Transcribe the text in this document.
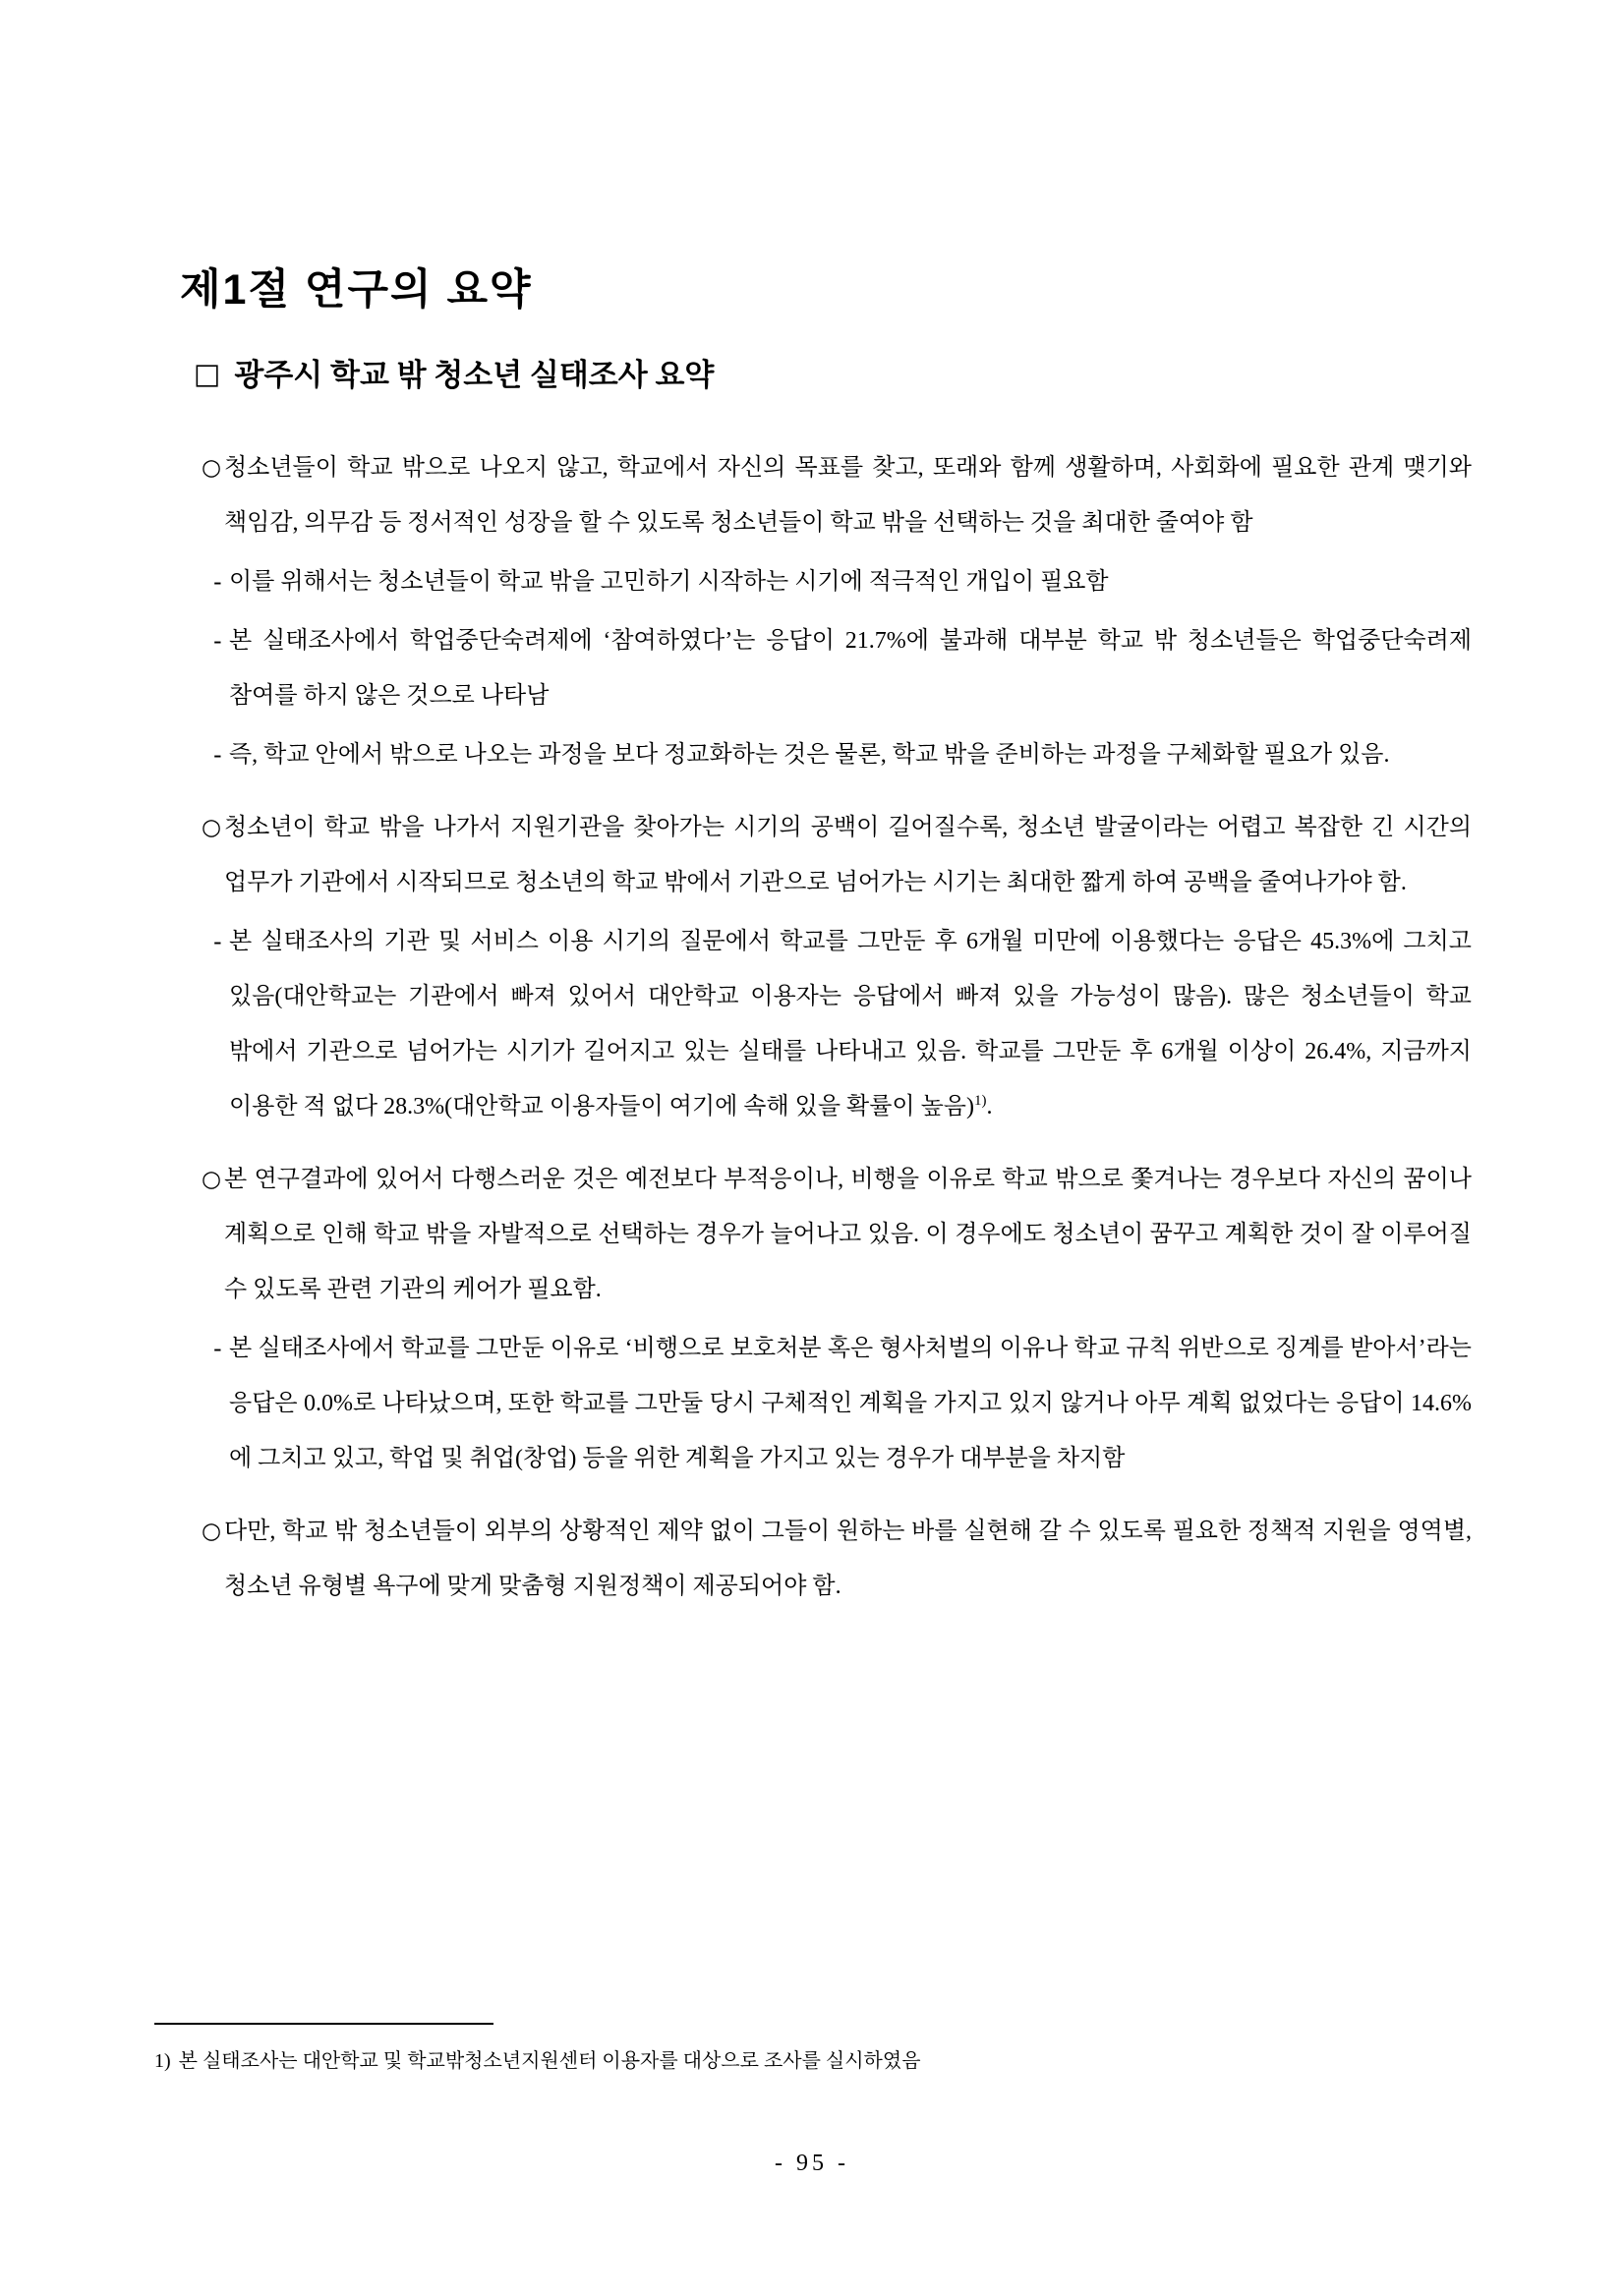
제1절 연구의 요약
□ 광주시 학교 밖 청소년 실태조사 요약
○ 청소년들이 학교 밖으로 나오지 않고, 학교에서 자신의 목표를 찾고, 또래와 함께 생활하며, 사회화에 필요한 관계 맺기와 책임감, 의무감 등 정서적인 성장을 할 수 있도록 청소년들이 학교 밖을 선택하는 것을 최대한 줄여야 함

- 이를 위해서는 청소년들이 학교 밖을 고민하기 시작하는 시기에 적극적인 개입이 필요함

- 본 실태조사에서 학업중단숙려제에 ‘참여하였다’는 응답이 21.7%에 불과해 대부분 학교 밖 청소년들은 학업중단숙려제 참여를 하지 않은 것으로 나타남

- 즉, 학교 안에서 밖으로 나오는 과정을 보다 정교화하는 것은 물론, 학교 밖을 준비하는 과정을 구체화할 필요가 있음.

○ 청소년이 학교 밖을 나가서 지원기관을 찾아가는 시기의 공백이 길어질수록, 청소년 발굴이라는 어렵고 복잡한 긴 시간의 업무가 기관에서 시작되므로 청소년의 학교 밖에서 기관으로 넘어가는 시기는 최대한 짧게 하여 공백을 줄여나가야 함.

- 본 실태조사의 기관 및 서비스 이용 시기의 질문에서 학교를 그만둔 후 6개월 미만에 이용했다는 응답은 45.3%에 그치고 있음(대안학교는 기관에서 빠져 있어서 대안학교 이용자는 응답에서 빠져 있을 가능성이 많음). 많은 청소년들이 학교 밖에서 기관으로 넘어가는 시기가 길어지고 있는 실태를 나타내고 있음. 학교를 그만둔 후 6개월 이상이 26.4%, 지금까지 이용한 적 없다 28.3%(대안학교 이용자들이 여기에 속해 있을 확률이 높음)$^{1)}$.

○ 본 연구결과에 있어서 다행스러운 것은 예전보다 부적응이나, 비행을 이유로 학교 밖으로 쫓겨나는 경우보다 자신의 꿈이나 계획으로 인해 학교 밖을 자발적으로 선택하는 경우가 늘어나고 있음. 이 경우에도 청소년이 꿈꾸고 계획한 것이 잘 이루어질 수 있도록 관련 기관의 케어가 필요함.

- 본 실태조사에서 학교를 그만둔 이유로 ‘비행으로 보호처분 혹은 형사처벌의 이유나 학교 규칙 위반으로 징계를 받아서’라는 응답은 0.0%로 나타났으며, 또한 학교를 그만둘 당시 구체적인 계획을 가지고 있지 않거나 아무 계획 없었다는 응답이 14.6%에 그치고 있고, 학업 및 취업(창업) 등을 위한 계획을 가지고 있는 경우가 대부분을 차지함

○ 다만, 학교 밖 청소년들이 외부의 상황적인 제약 없이 그들이 원하는 바를 실현해 갈 수 있도록 필요한 정책적 지원을 영역별, 청소년 유형별 욕구에 맞게 맞춤형 지원정책이 제공되어야 함.

1) 본 실태조사는 대안학교 및 학교밖청소년지원센터 이용자를 대상으로 조사를 실시하였음
- 95 -
